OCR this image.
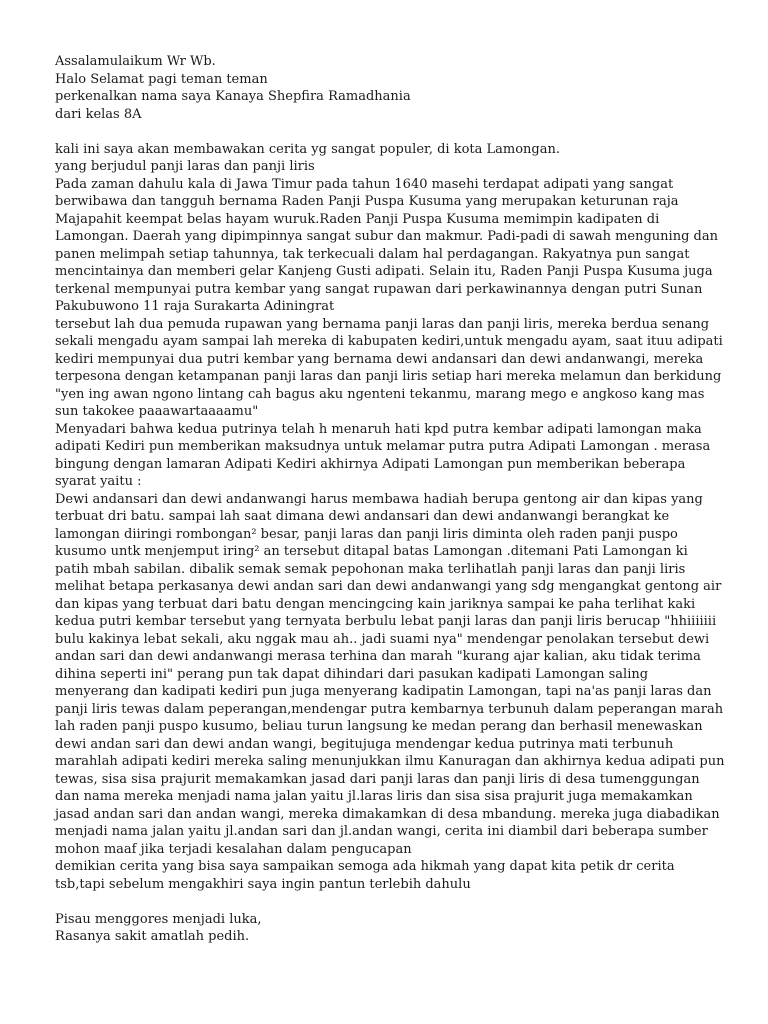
Assalamulaikum Wr Wb.
Halo Selamat pagi teman teman
perkenalkan nama saya Kanaya Shepfira Ramadhania
dari kelas 8A
kali ini saya akan membawakan cerita yg sangat populer, di kota Lamongan.
yang berjudul panji laras dan panji liris
Pada zaman dahulu kala di Jawa Timur pada tahun 1640 masehi terdapat adipati yang sangat
berwibawa dan tangguh bernama Raden Panji Puspa Kusuma yang merupakan keturunan raja
Majapahit keempat belas hayam wuruk.Raden Panji Puspa Kusuma memimpin kadipaten di
Lamongan. Daerah yang dipimpinnya sangat subur dan makmur. Padi-padi di sawah menguning dan
panen melimpah setiap tahunnya, tak terkecuali dalam hal perdagangan. Rakyatnya pun sangat
mencintainya dan memberi gelar Kanjeng Gusti adipati. Selain itu, Raden Panji Puspa Kusuma juga
terkenal mempunyai putra kembar yang sangat rupawan dari perkawinannya dengan putri Sunan
Pakubuwono 11 raja Surakarta Adiningrat
tersebut lah dua pemuda rupawan yang bernama panji laras dan panji liris, mereka berdua senang
sekali mengadu ayam sampai lah mereka di kabupaten kediri,untuk mengadu ayam, saat ituu adipati
kediri mempunyai dua putri kembar yang bernama dewi andansari dan dewi andanwangi, mereka
terpesona dengan ketampanan panji laras dan panji liris setiap hari mereka melamun dan berkidung
"yen ing awan ngono lintang cah bagus aku ngenteni tekanmu, marang mego e angkoso kang mas
sun takokee paaawartaaaamu"
Menyadari bahwa kedua putrinya telah h menaruh hati kpd putra kembar adipati lamongan maka
adipati Kediri pun memberikan maksudnya untuk melamar putra putra Adipati Lamongan . merasa
bingung dengan lamaran Adipati Kediri akhirnya Adipati Lamongan pun memberikan beberapa
syarat yaitu :
Dewi andansari dan dewi andanwangi harus membawa hadiah berupa gentong air dan kipas yang
terbuat dri batu. sampai lah saat dimana dewi andansari dan dewi andanwangi berangkat ke
lamongan diiringi rombongan² besar, panji laras dan panji liris diminta oleh raden panji puspo
kusumo untk menjemput iring² an tersebut ditapal batas Lamongan .ditemani Pati Lamongan ki
patih mbah sabilan. dibalik semak semak pepohonan maka terlihatlah panji laras dan panji liris
melihat betapa perkasanya dewi andan sari dan dewi andanwangi yang sdg mengangkat gentong air
dan kipas yang terbuat dari batu dengan mencingcing kain jariknya sampai ke paha terlihat kaki
kedua putri kembar tersebut yang ternyata berbulu lebat panji laras dan panji liris berucap "hhiiiiiii
bulu kakinya lebat sekali, aku nggak mau ah.. jadi suami nya" mendengar penolakan tersebut dewi
andan sari dan dewi andanwangi merasa terhina dan marah "kurang ajar kalian, aku tidak terima
dihina seperti ini" perang pun tak dapat dihindari dari pasukan kadipati Lamongan saling
menyerang dan kadipati kediri pun juga menyerang kadipatin Lamongan, tapi na'as panji laras dan
panji liris tewas dalam peperangan,mendengar putra kembarnya terbunuh dalam peperangan marah
lah raden panji puspo kusumo, beliau turun langsung ke medan perang dan berhasil menewaskan
dewi andan sari dan dewi andan wangi, begitujuga mendengar kedua putrinya mati terbunuh
marahlah adipati kediri mereka saling menunjukkan ilmu Kanuragan dan akhirnya kedua adipati pun
tewas, sisa sisa prajurit memakamkan jasad dari panji laras dan panji liris di desa tumenggungan
dan nama mereka menjadi nama jalan yaitu jl.laras liris dan sisa sisa prajurit juga memakamkan
jasad andan sari dan andan wangi, mereka dimakamkan di desa mbandung. mereka juga diabadikan
menjadi nama jalan yaitu jl.andan sari dan jl.andan wangi, cerita ini diambil dari beberapa sumber
mohon maaf jika terjadi kesalahan dalam pengucapan
demikian cerita yang bisa saya sampaikan semoga ada hikmah yang dapat kita petik dr cerita
tsb,tapi sebelum mengakhiri saya ingin pantun terlebih dahulu
Pisau menggores menjadi luka,
Rasanya sakit amatlah pedih.
